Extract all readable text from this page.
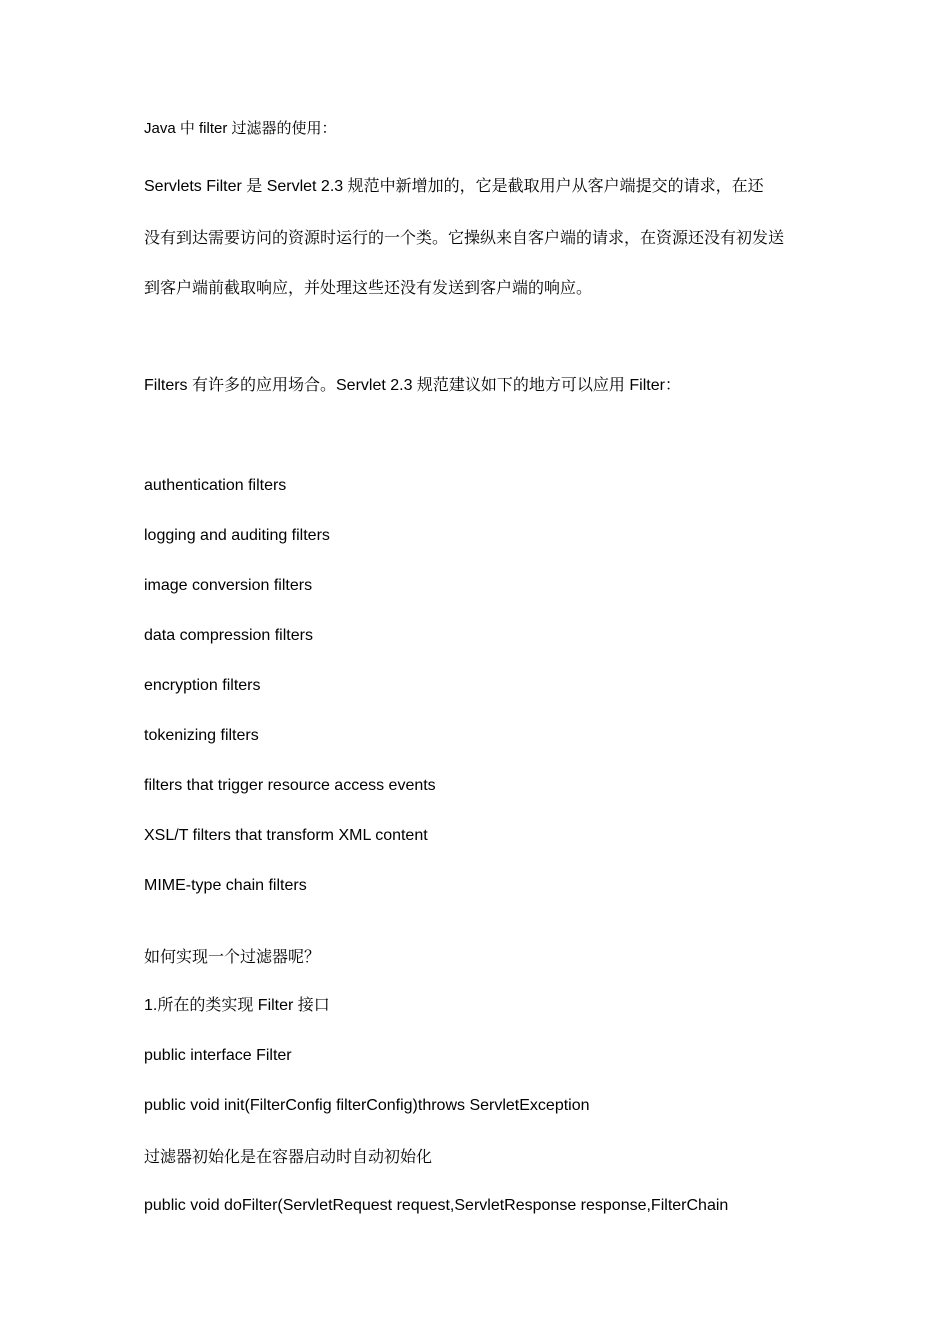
Java 中 filter 过滤器的使用：
Servlets Filter 是 Servlet 2.3 规范中新增加的，它是截取用户从客户端提交的请求，在还
没有到达需要访问的资源时运行的一个类。它操纵来自客户端的请求，在资源还没有初发送
到客户端前截取响应，并处理这些还没有发送到客户端的响应。
Filters 有许多的应用场合。Servlet 2.3 规范建议如下的地方可以应用 Filter：
authentication filters
logging and auditing filters
image conversion filters
data compression filters
encryption filters
tokenizing filters
filters that trigger resource access events
XSL/T filters that transform XML content
MIME-type chain filters
如何实现一个过滤器呢？
1.所在的类实现 Filter 接口
public interface Filter
public void init(FilterConfig filterConfig)throws ServletException
过滤器初始化是在容器启动时自动初始化
public void doFilter(ServletRequest request,ServletResponse response,FilterChain
